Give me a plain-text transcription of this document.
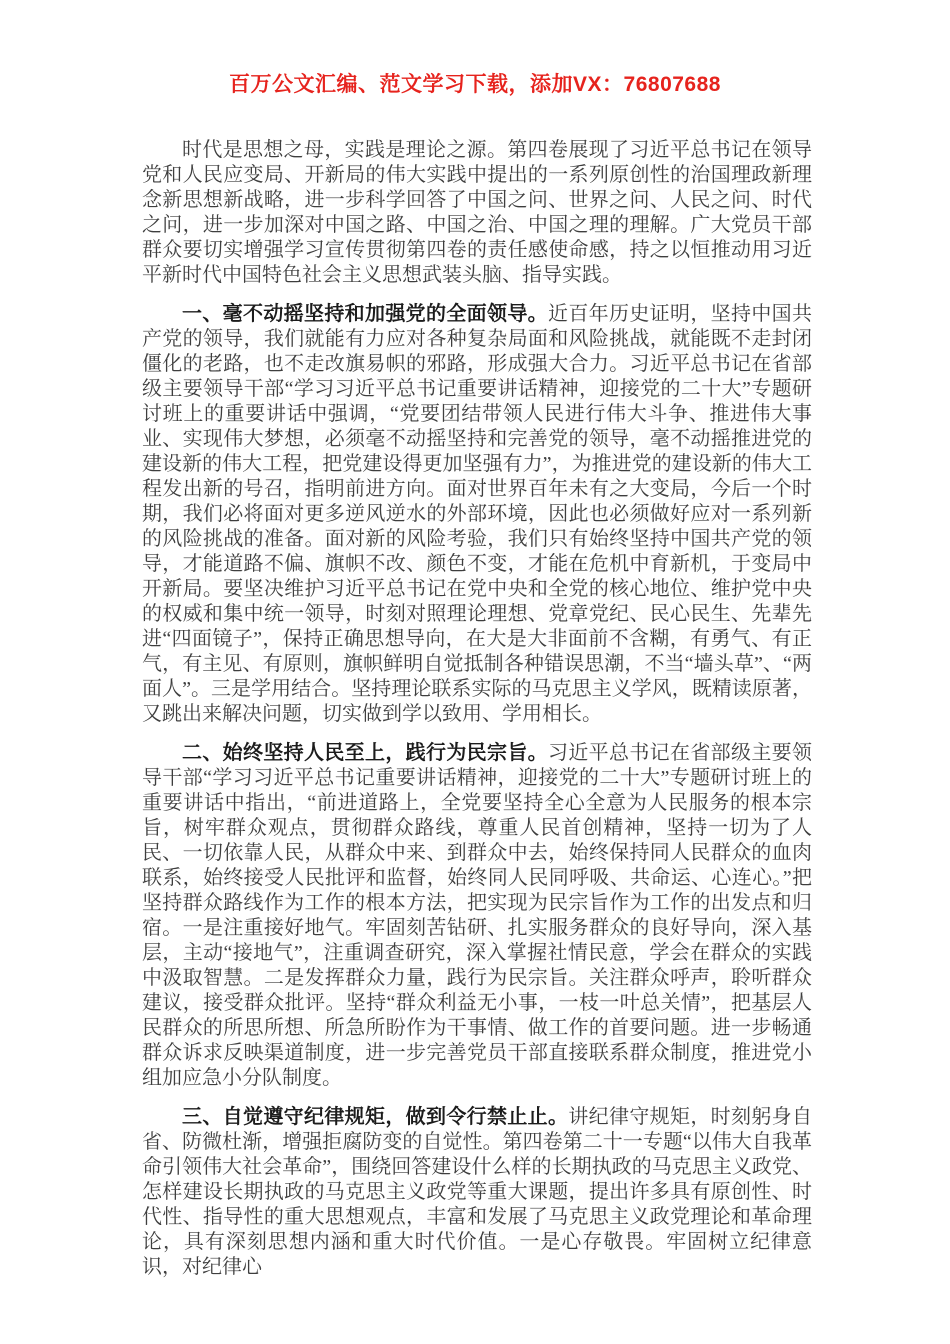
百万公文汇编、范文学习下载，添加VX：76807688

时代是思想之母，实践是理论之源。第四卷展现了习近平总书记在领导党和人民应变局、开新局的伟大实践中提出的一系列原创性的治国理政新理念新思想新战略，进一步科学回答了中国之问、世界之问、人民之问、时代之问，进一步加深对中国之路、中国之治、中国之理的理解。广大党员干部群众要切实增强学习宣传贯彻第四卷的责任感使命感，持之以恒推动用习近平新时代中国特色社会主义思想武装头脑、指导实践。

一、毫不动摇坚持和加强党的全面领导。近百年历史证明，坚持中国共产党的领导，我们就能有力应对各种复杂局面和风险挑战，就能既不走封闭僵化的老路，也不走改旗易帜的邪路，形成强大合力。习近平总书记在省部级主要领导干部“学习习近平总书记重要讲话精神，迎接党的二十大”专题研讨班上的重要讲话中强调，“党要团结带领人民进行伟大斗争、推进伟大事业、实现伟大梦想，必须毫不动摇坚持和完善党的领导，毫不动摇推进党的建设新的伟大工程，把党建设得更加坚强有力”，为推进党的建设新的伟大工程发出新的号召，指明前进方向。面对世界百年未有之大变局，今后一个时期，我们必将面对更多逆风逆水的外部环境，因此也必须做好应对一系列新的风险挑战的准备。面对新的风险考验，我们只有始终坚持中国共产党的领导，才能道路不偏、旗帜不改、颜色不变，才能在危机中育新机，于变局中开新局。要坚决维护习近平总书记在党中央和全党的核心地位、维护党中央的权威和集中统一领导，时刻对照理论理想、党章党纪、民心民生、先辈先进“四面镜子”，保持正确思想导向，在大是大非面前不含糊，有勇气、有正气，有主见、有原则，旗帜鲜明自觉抵制各种错误思潮，不当“墙头草”、“两面人”。三是学用结合。坚持理论联系实际的马克思主义学风，既精读原著，又跳出来解决问题，切实做到学以致用、学用相长。

二、始终坚持人民至上，践行为民宗旨。习近平总书记在省部级主要领导干部“学习习近平总书记重要讲话精神，迎接党的二十大”专题研讨班上的重要讲话中指出，“前进道路上，全党要坚持全心全意为人民服务的根本宗旨，树牢群众观点，贯彻群众路线，尊重人民首创精神，坚持一切为了人民、一切依靠人民，从群众中来、到群众中去，始终保持同人民群众的血肉联系，始终接受人民批评和监督，始终同人民同呼吸、共命运、心连心。”把坚持群众路线作为工作的根本方法，把实现为民宗旨作为工作的出发点和归宿。一是注重接好地气。牢固刻苦钻研、扎实服务群众的良好导向，深入基层，主动“接地气”，注重调查研究，深入掌握社情民意，学会在群众的实践中汲取智慧。二是发挥群众力量，践行为民宗旨。关注群众呼声，聆听群众建议，接受群众批评。坚持“群众利益无小事，一枝一叶总关情”，把基层人民群众的所思所想、所急所盼作为干事情、做工作的首要问题。进一步畅通群众诉求反映渠道制度，进一步完善党员干部直接联系群众制度，推进党小组加应急小分队制度。

三、自觉遵守纪律规矩，做到令行禁止止。讲纪律守规矩，时刻躬身自省、防微杜渐，增强拒腐防变的自觉性。第四卷第二十一专题“以伟大自我革命引领伟大社会革命”，围绕回答建设什么样的长期执政的马克思主义政党、怎样建设长期执政的马克思主义政党等重大课题，提出许多具有原创性、时代性、指导性的重大思想观点，丰富和发展了马克思主义政党理论和革命理论，具有深刻思想内涵和重大时代价值。一是心存敬畏。牢固树立纪律意识，对纪律心
